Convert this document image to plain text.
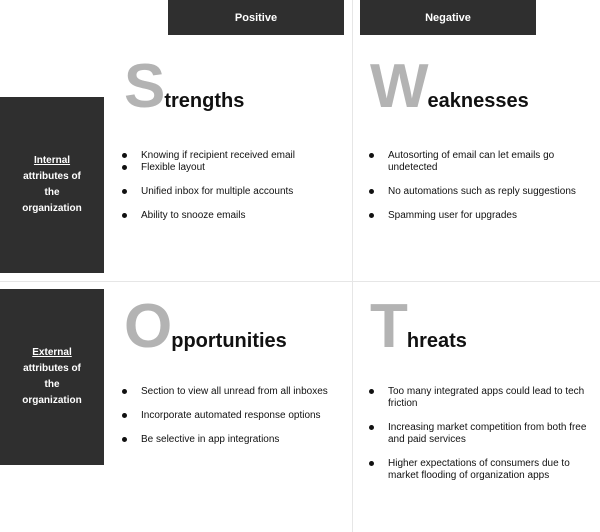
Positive	Negative
Internal
attributes of
the
organization
External
attributes of
the
organization
S trengths W eaknesses
O pportunities T hreats
Knowing if recipient received email
Flexible layout
Unified inbox for multiple accounts
Ability to snooze emails
Autosorting of email can let emails go undetected
No automations such as reply suggestions
Spamming user for upgrades
Section to view all unread from all inboxes
Incorporate automated response options
Be selective in app integrations
Too many integrated apps could lead to tech friction
Increasing market competition from both free and paid services
Higher expectations of consumers due to market flooding of organization apps
